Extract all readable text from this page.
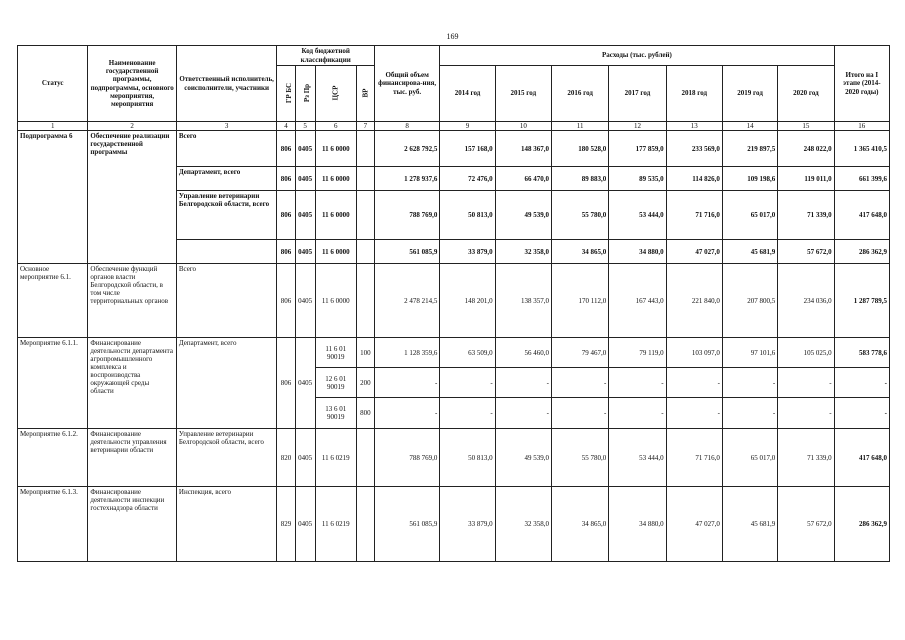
169
Статус	Наименование государственной программы, подпрограммы, основного мероприятия, мероприятия	Ответственный исполнитель, соисполнители, участники	Код бюджетной классификации				Общий объем финансирова-ния, тыс. руб.	Расходы (тыс. рублей)							Итого на I этапе (2014-2020 годы)
			ГР БС	Рз Пр	ЦСР	ВР		2014 год	2015 год	2016 год	2017 год	2018 год	2019 год	2020 год	
1	2	3	4	5	6	7	8	9	10	11	12	13	14	15	16
Подпрограмма 6	Обеспечение реализации государственной программы	Всего	806	0405	11 6 0000		2 628 792,5	157 168,0	148 367,0	180 528,0	177 859,0	233 569,0	219 897,5	248 022,0	1 365 410,5
		Департамент, всего	806	0405	11 6 0000		1 278 937,6	72 476,0	66 470,0	89 883,0	89 535,0	114 826,0	109 198,6	119 011,0	661 399,6
		Управление ветеринарии Белгородской области, всего	806	0405	11 6 0000		788 769,0	50 813,0	49 539,0	55 780,0	53 444,0	71 716,0	65 017,0	71 339,0	417 648,0
			806	0405	11 6 0000		561 085,9	33 879,0	32 358,0	34 865,0	34 880,0	47 027,0	45 681,9	57 672,0	286 362,9
Основное мероприятие 6.1.	Обеспечение функций органов власти Белгородской области, в том числе территориальных органов	Всего	806	0405	11 6 0000		2 478 214,5	148 201,0	138 357,0	170 112,0	167 443,0	221 840,0	207 800,5	234 036,0	1 287 789,5
Мероприятие 6.1.1.	Финансирование деятельности департамента агропромышленного комплекса и воспроизводства окружающей среды области	Департамент, всего	806	0405	11 6 01 90019	100	1 128 359,6	63 509,0	56 460,0	79 467,0	79 119,0	103 097,0	97 101,6	105 025,0	583 778,6
					12 6 01 90019	200	-	-	-	-	-	-	-	-	-
					13 6 01 90019	800	-	-	-	-	-	-	-	-	-
Мероприятие 6.1.2.	Финансирование деятельности управления ветеринарии области	Управление ветеринарии Белгородской области, всего	820	0405	11 6 0219		788 769,0	50 813,0	49 539,0	55 780,0	53 444,0	71 716,0	65 017,0	71 339,0	417 648,0
Мероприятие 6.1.3.	Финансирование деятельности инспекции гостехнадзора области	Инспекция, всего	829	0405	11 6 0219		561 085,9	33 879,0	32 358,0	34 865,0	34 880,0	47 027,0	45 681,9	57 672,0	286 362,9
